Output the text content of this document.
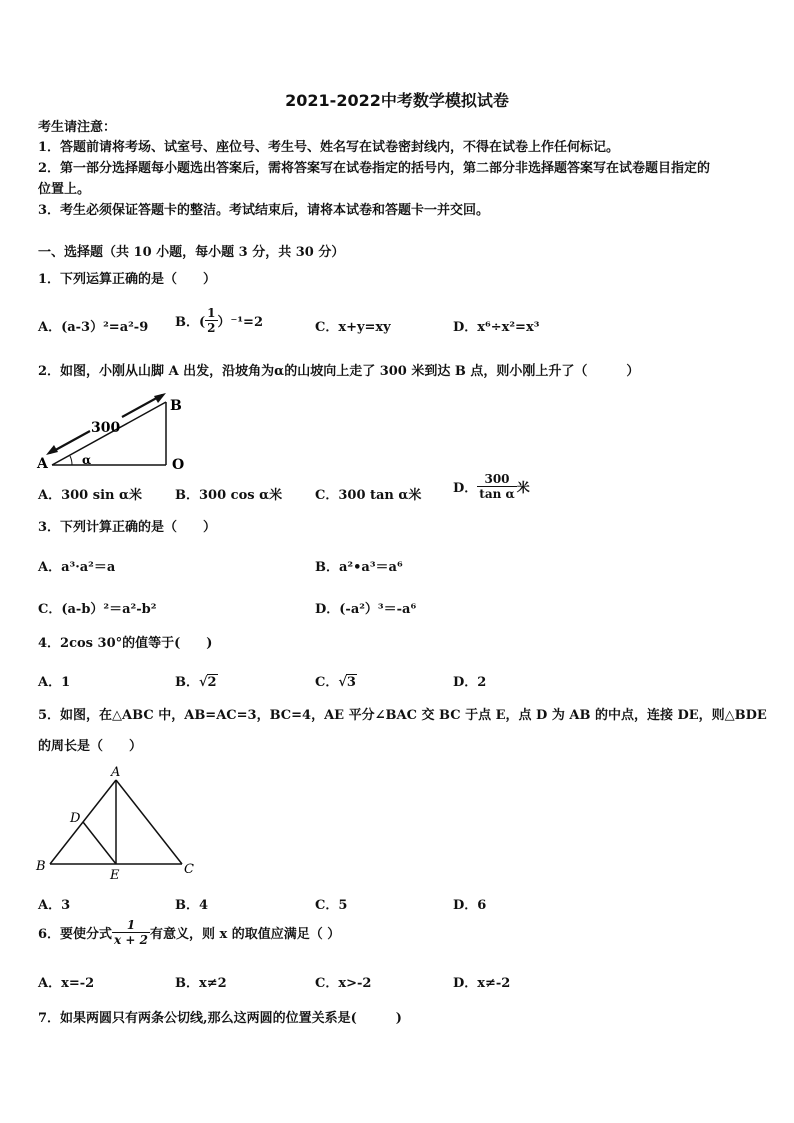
2021-2022中考数学模拟试卷
考生请注意：
1．答题前请将考场、试室号、座位号、考生号、姓名写在试卷密封线内，不得在试卷上作任何标记。
2．第一部分选择题每小题选出答案后，需将答案写在试卷指定的括号内，第二部分非选择题答案写在试卷题目指定的
位置上。
3．考生必须保证答题卡的整洁。考试结束后，请将本试卷和答题卡一并交回。
一、选择题（共 10 小题，每小题 3 分，共 30 分）
1．下列运算正确的是（　　）
A．(a-3）²=a²-9 B．( $\frac{1}{2} )^{-1}=2$	C．x+y=xy	D．x⁶÷x²=x³
2．如图，小刚从山脚 A 出发，沿坡角为α的山坡向上走了 300 米到达 B 点，则小刚上升了（　　　）
A
B
O
α
300
A．300 sin α米	B．300 cos α米	C．300 tan α米 D． $\frac{300}{\text{tan α}}$ 米
3．下列计算正确的是（　　）
A．a³·a²＝a	B．a²•a³＝a⁶
C．(a-b）²＝a²-b²	D．(-a²）³＝-a⁶
4．2cos 30°的值等于(　　)
A．1	B．√2	C．√3	D．2
5．如图，在△ABC 中，AB=AC=3，BC=4，AE 平分∠BAC 交 BC 于点 E，点 D 为 AB 的中点，连接 DE，则△BDE
的周长是（　　）
A
B	C
D
E
A．3	B．4	C．5	D．6
6．要使分式 $\frac{1}{x + 2}$ 有意义，则 x 的取值应满足（ ）
A．x=-2	B．x≠2	C．x>-2	D．x≠-2
7．如果两圆只有两条公切线,那么这两圆的位置关系是(　　　)
